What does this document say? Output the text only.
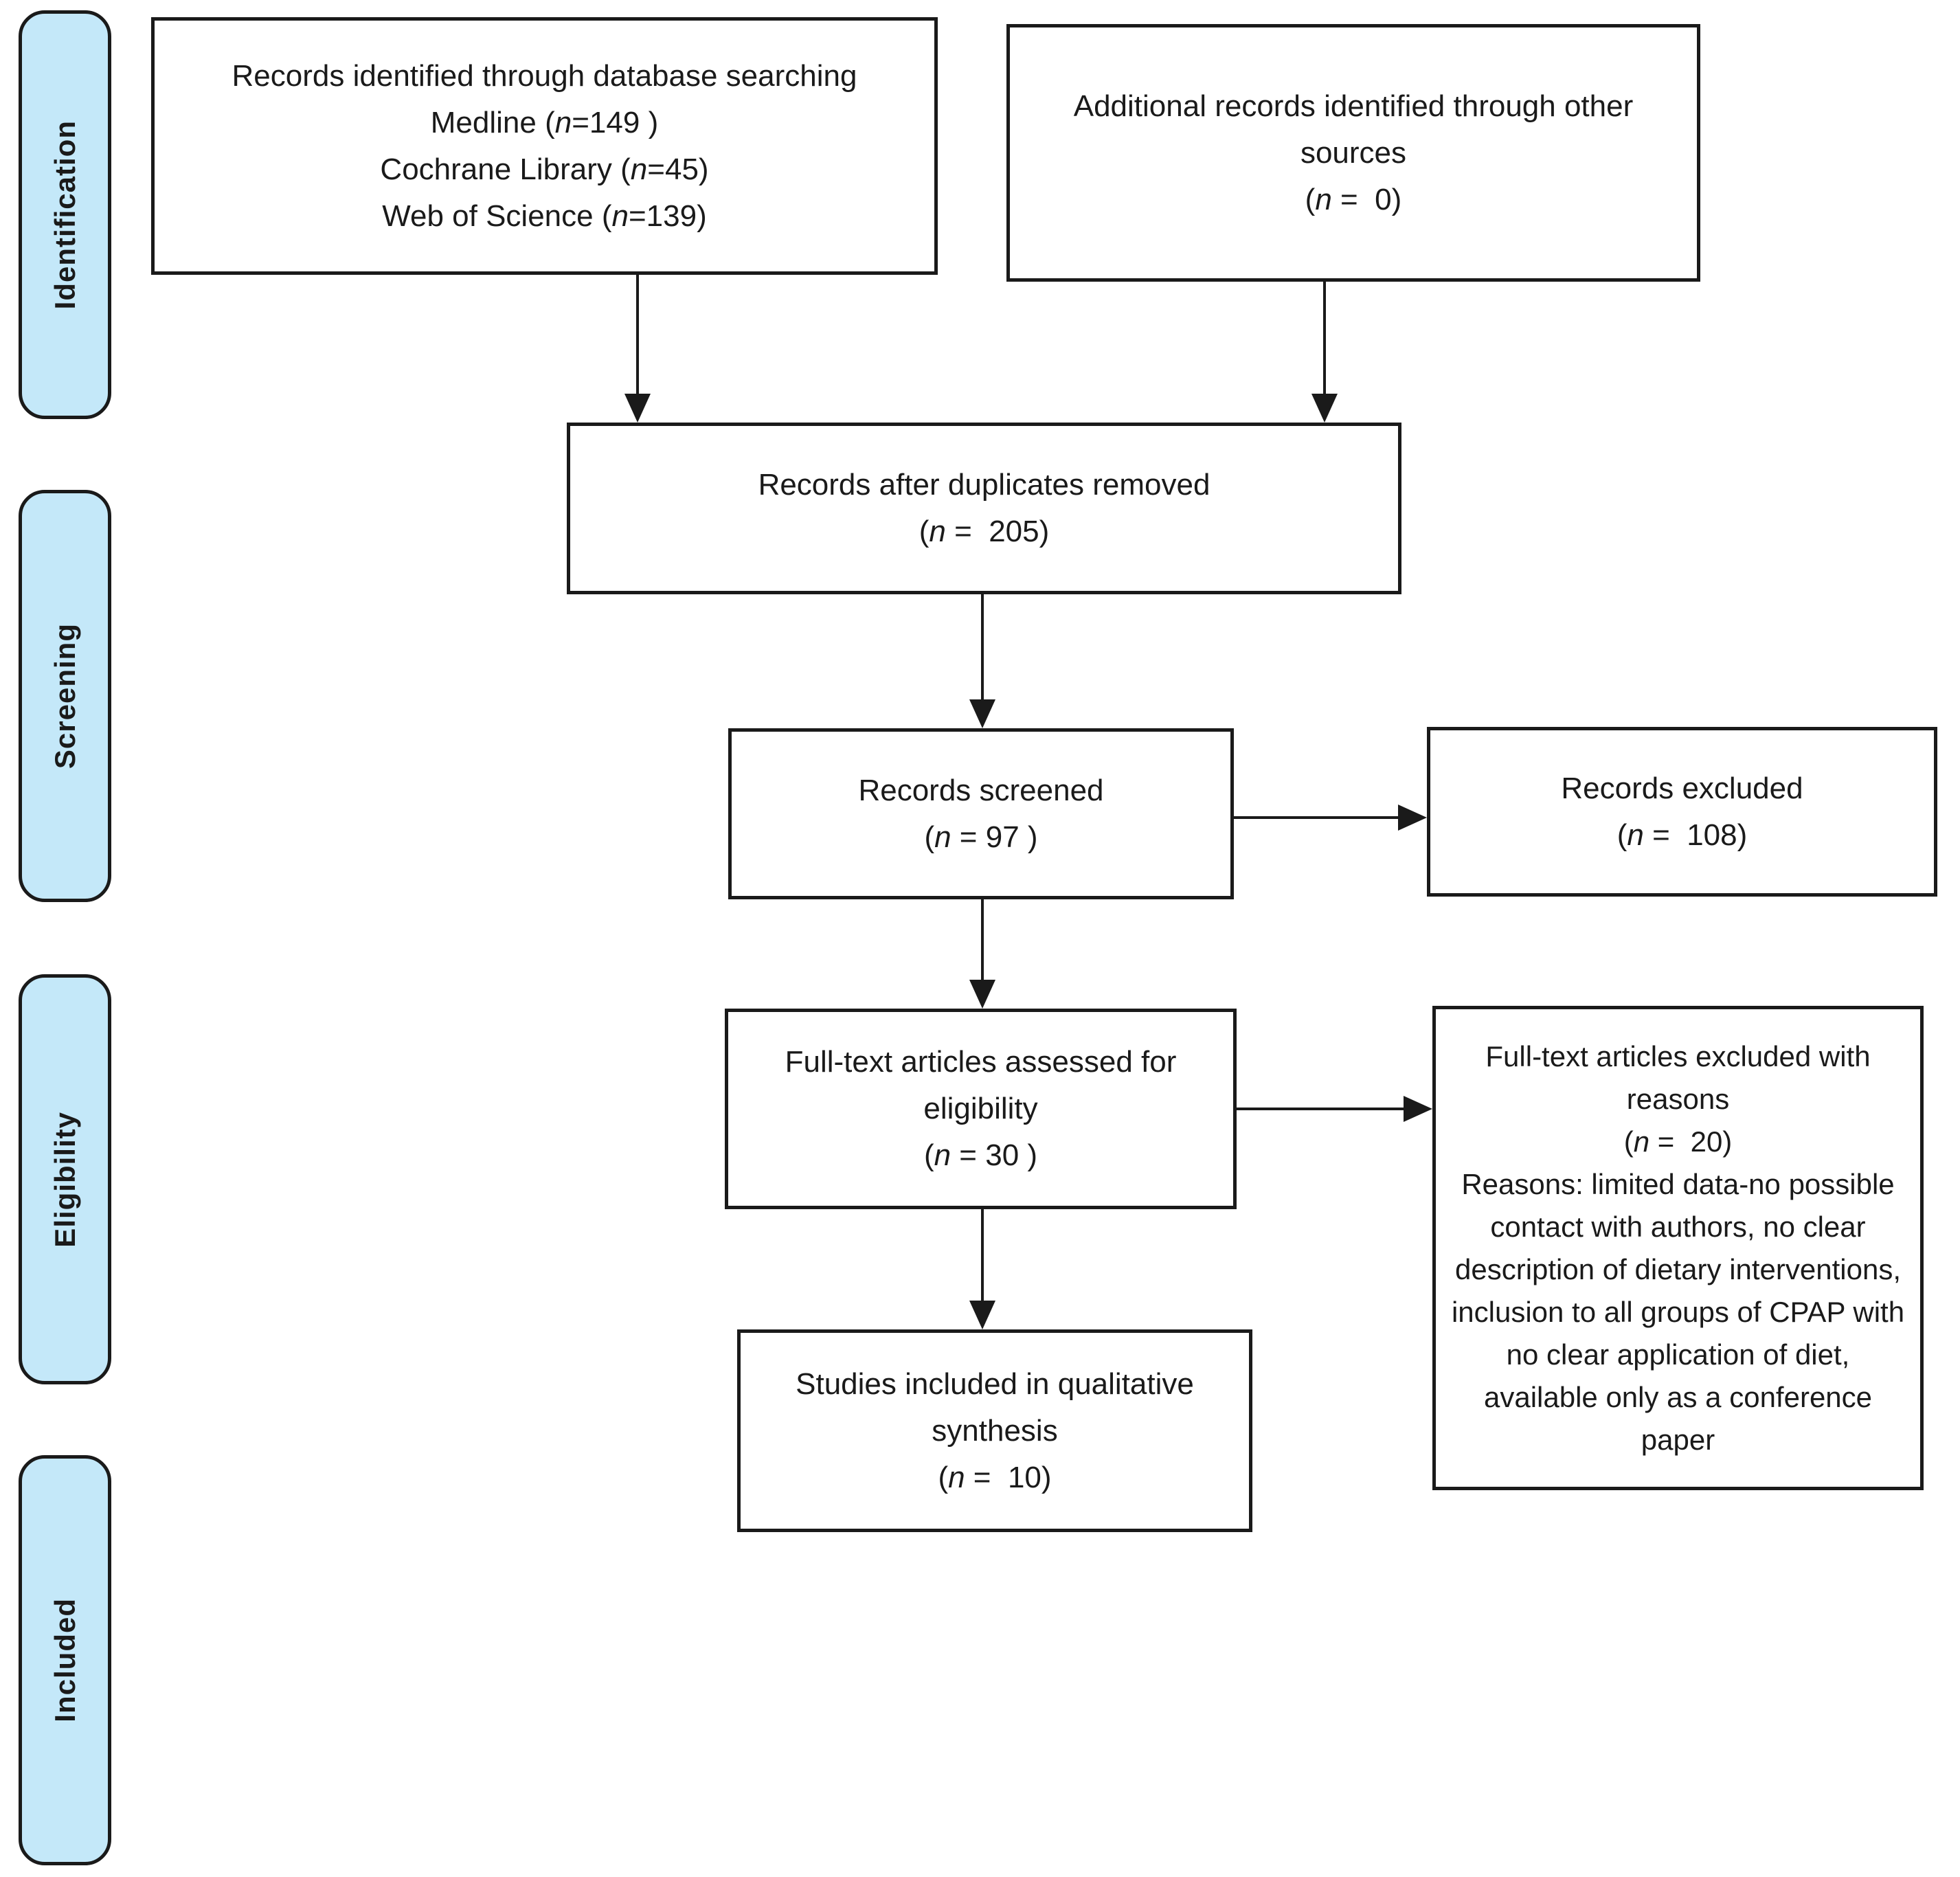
Identification
Screening
Eligibility
Included
Records identified through database searching
Medline (n=149 )
Cochrane Library (n=45)
Web of Science (n=139)
Additional records identified through other sources
(n =  0)
Records after duplicates removed
(n =  205)
Records screened
(n = 97 )
Records excluded
(n =  108)
Full-text articles assessed for eligibility
(n = 30 )
Full-text articles excluded with reasons
(n =  20)
Reasons: limited data-no possible contact with authors, no clear description of dietary interventions, inclusion to all groups of CPAP with no clear application of diet, available only as a conference paper
Studies included in qualitative synthesis
(n =  10)
